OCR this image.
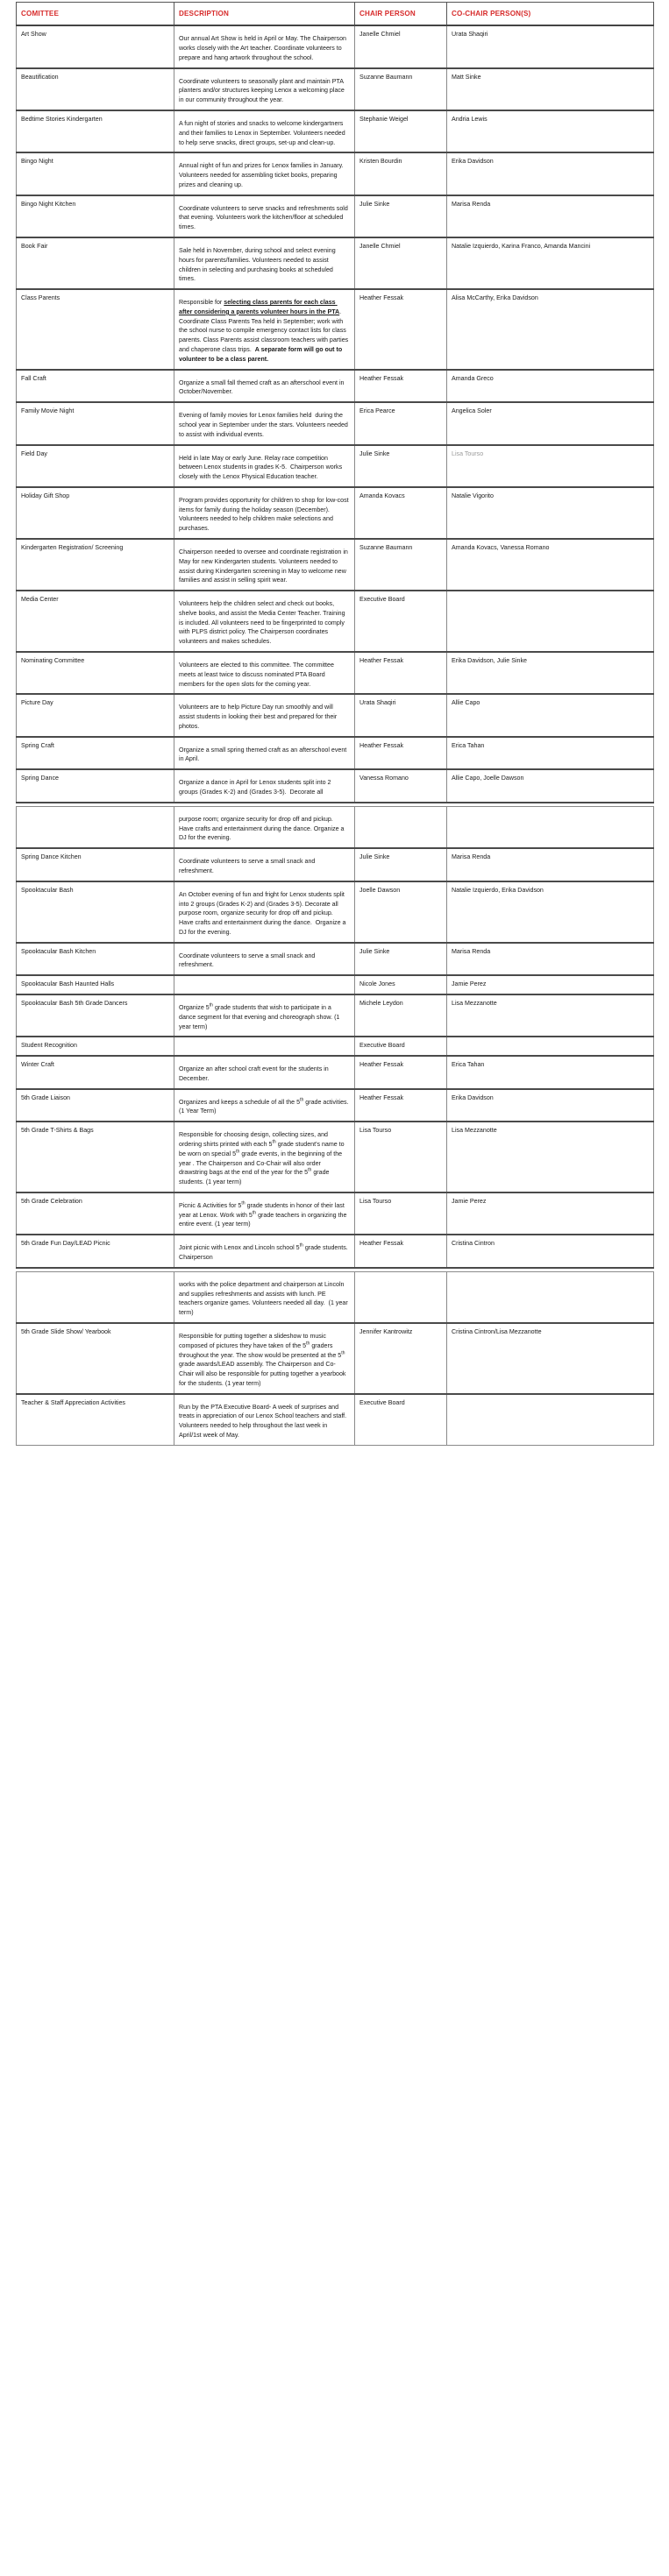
COMITTEE	DESCRIPTION	CHAIR PERSON	CO-CHAIR PERSON(S)

Art Show	Our annual Art Show is held in April or May. The Chairperson works closely with the Art teacher. Coordinate volunteers to prepare and hang artwork throughout the school.	Janelle Chmiel	Urata Shaqiri

Beautification	Coordinate volunteers to seasonally plant and maintain PTA planters and/or structures keeping Lenox a welcoming place in our community throughout the year.	Suzanne Baumann	Matt Sinke

Bedtime Stories Kindergarten	A fun night of stories and snacks to welcome kindergartners and their families to Lenox in September. Volunteers needed to help serve snacks, direct groups, set-up and clean-up.	Stephanie Weigel	Andria Lewis

Bingo Night	Annual night of fun and prizes for Lenox families in January. Volunteers needed for assembling ticket books, preparing prizes and cleaning up.	Kristen Bourdin	Erika Davidson

Bingo Night Kitchen	Coordinate volunteers to serve snacks and refreshments sold that evening. Volunteers work the kitchen/floor at scheduled times.	Julie Sinke	Marisa Renda

Book Fair	Sale held in November, during school and select evening hours for parents/families. Volunteers needed to assist children in selecting and purchasing books at scheduled times.	Janelle Chmiel	Natalie Izquierdo, Karina Franco, Amanda Mancini

Class Parents	Responsible for selecting class parents for each class after considering a parents volunteer hours in the PTA. Coordinate Class Parents Tea held in September; work with the school nurse to compile emergency contact lists for class parents. Class Parents assist classroom teachers with parties and chaperone class trips.  A separate form will go out to volunteer to be a class parent.	Heather Fessak	Alisa McCarthy, Erika Davidson

Fall Craft	Organize a small fall themed craft as an afterschool event in October/November.	Heather Fessak	Amanda Greco

Family Movie Night	Evening of family movies for Lenox families held  during the school year in September under the stars. Volunteers needed to assist with individual events.	Erica Pearce	Angelica Soler

Field Day	Held in late May or early June. Relay race competition between Lenox students in grades K-5.  Chairperson works closely with the Lenox Physical Education teacher.	Julie Sinke	Lisa Tourso

Holiday Gift Shop	Program provides opportunity for children to shop for low-cost items for family during the holiday season (December). Volunteers needed to help children make selections and purchases.	Amanda Kovacs	Natalie Vigorito

Kindergarten Registration/ Screening	Chairperson needed to oversee and coordinate registration in May for new Kindergarten students. Volunteers needed to assist during Kindergarten screening in May to welcome new families and assist in selling spirit wear.	Suzanne Baumann	Amanda Kovacs, Vanessa Romano

Media Center	Volunteers help the children select and check out books, shelve books, and assist the Media Center Teacher. Training is included. All volunteers need to be fingerprinted to comply with PLPS district policy. The Chairperson coordinates volunteers and makes schedules.	Executive Board	

Nominating Committee	Volunteers are elected to this committee. The committee meets at least twice to discuss nominated PTA Board members for the open slots for the coming year.	Heather Fessak	Erika Davidson, Julie Sinke

Picture Day	Volunteers are to help Picture Day run smoothly and will assist students in looking their best and prepared for their photos.	Urata Shaqiri	Allie Capo

Spring Craft	Organize a small spring themed craft as an afterschool event in April.	Heather Fessak	Erica Tahan

Spring Dance	Organize a dance in April for Lenox students split into 2 groups (Grades K-2) and (Grades 3-5).  Decorate all	Vanessa Romano	Allie Capo, Joelle Dawson

	purpose room; organize security for drop off and pickup.  Have crafts and entertainment during the dance. Organize a DJ for the evening.		

Spring Dance Kitchen	Coordinate volunteers to serve a small snack and refreshment.	Julie Sinke	Marisa Renda

Spooktacular Bash	An October evening of fun and fright for Lenox students split into 2 groups (Grades K-2) and (Grades 3-5). Decorate all purpose room, organize security for drop off and pickup.  Have crafts and entertainment during the dance.  Organize a DJ for the evening.	Joelle Dawson	Natalie Izquierdo, Erika Davidson

Spooktacular Bash Kitchen	Coordinate volunteers to serve a small snack and refreshment.	Julie Sinke	Marisa Renda

Spooktacular Bash Haunted Halls		Nicole Jones	Jamie Perez

Spooktacular Bash 5th Grade Dancers	Organize 5th grade students that wish to participate in a dance segment for that evening and choreograph show. (1 year term)	Michele Leydon	Lisa Mezzanotte

Student Recognition		Executive Board	

Winter Craft	Organize an after school craft event for the students in December.	Heather Fessak	Erica Tahan

5th Grade Liaison	Organizes and keeps a schedule of all the 5th grade activities. (1 Year Term)	Heather Fessak	Erika Davidson

5th Grade T-Shirts & Bags	Responsible for choosing design, collecting sizes, and ordering shirts printed with each 5th grade student's name to be worn on special 5th grade events, in the beginning of the year . The Chairperson and Co-Chair will also order drawstring bags at the end of the year for the 5th grade students. (1 year term)	Lisa Tourso	Lisa Mezzanotte

5th Grade Celebration	Picnic & Activities for 5th grade students in honor of their last year at Lenox. Work with 5th grade teachers in organizing the entire event. (1 year term)	Lisa Tourso	Jamie Perez

5th Grade Fun Day/LEAD Picnic	Joint picnic with Lenox and Lincoln school 5th grade students. Chairperson	Heather Fessak	Cristina Cintron

	works with the police department and chairperson at Lincoln and supplies refreshments and assists with lunch. PE teachers organize games. Volunteers needed all day.  (1 year term)		

5th Grade Slide Show/ Yearbook	Responsible for putting together a slideshow to music composed of pictures they have taken of the 5th graders throughout the year. The show would be presented at the 5th grade awards/LEAD assembly. The Chairperson and Co-Chair will also be responsible for putting together a yearbook for the students. (1 year term)	Jennifer Kantrowitz	Cristina Cintron/Lisa Mezzanotte

Teacher & Staff Appreciation Activities	Run by the PTA Executive Board- A week of surprises and treats in appreciation of our Lenox School teachers and staff. Volunteers needed to help throughout the last week in April/1st week of May.	Executive Board	
